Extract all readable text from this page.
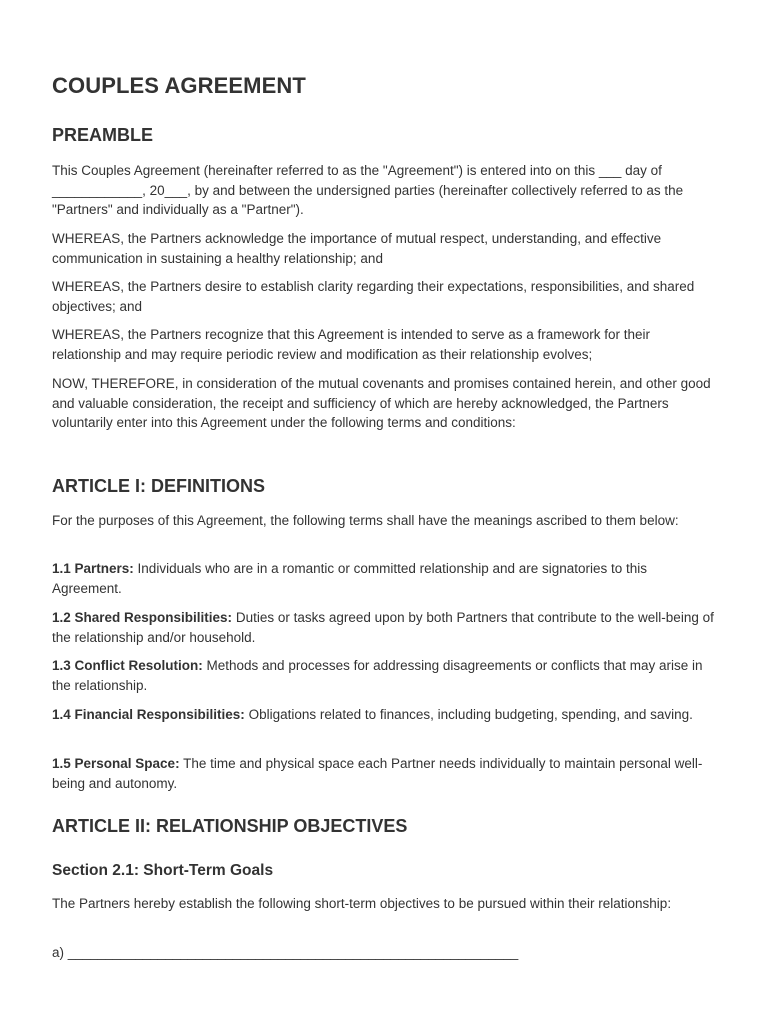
COUPLES AGREEMENT
PREAMBLE

This Couples Agreement (hereinafter referred to as the "Agreement") is entered into on this ___ day of ____________, 20___, by and between the undersigned parties (hereinafter collectively referred to as the "Partners" and individually as a "Partner").

WHEREAS, the Partners acknowledge the importance of mutual respect, understanding, and effective communication in sustaining a healthy relationship; and

WHEREAS, the Partners desire to establish clarity regarding their expectations, responsibilities, and shared objectives; and

WHEREAS, the Partners recognize that this Agreement is intended to serve as a framework for their relationship and may require periodic review and modification as their relationship evolves;

NOW, THEREFORE, in consideration of the mutual covenants and promises contained herein, and other good and valuable consideration, the receipt and sufficiency of which are hereby acknowledged, the Partners voluntarily enter into this Agreement under the following terms and conditions:

ARTICLE I: DEFINITIONS

For the purposes of this Agreement, the following terms shall have the meanings ascribed to them below:

1.1 Partners: Individuals who are in a romantic or committed relationship and are signatories to this Agreement.

1.2 Shared Responsibilities: Duties or tasks agreed upon by both Partners that contribute to the well-being of the relationship and/or household.

1.3 Conflict Resolution: Methods and processes for addressing disagreements or conflicts that may arise in the relationship.

1.4 Financial Responsibilities: Obligations related to finances, including budgeting, spending, and saving.

1.5 Personal Space: The time and physical space each Partner needs individually to maintain personal well-being and autonomy.

ARTICLE II: RELATIONSHIP OBJECTIVES
Section 2.1: Short-Term Goals

The Partners hereby establish the following short-term objectives to be pursued within their relationship:

a) ____________________________________________________________
